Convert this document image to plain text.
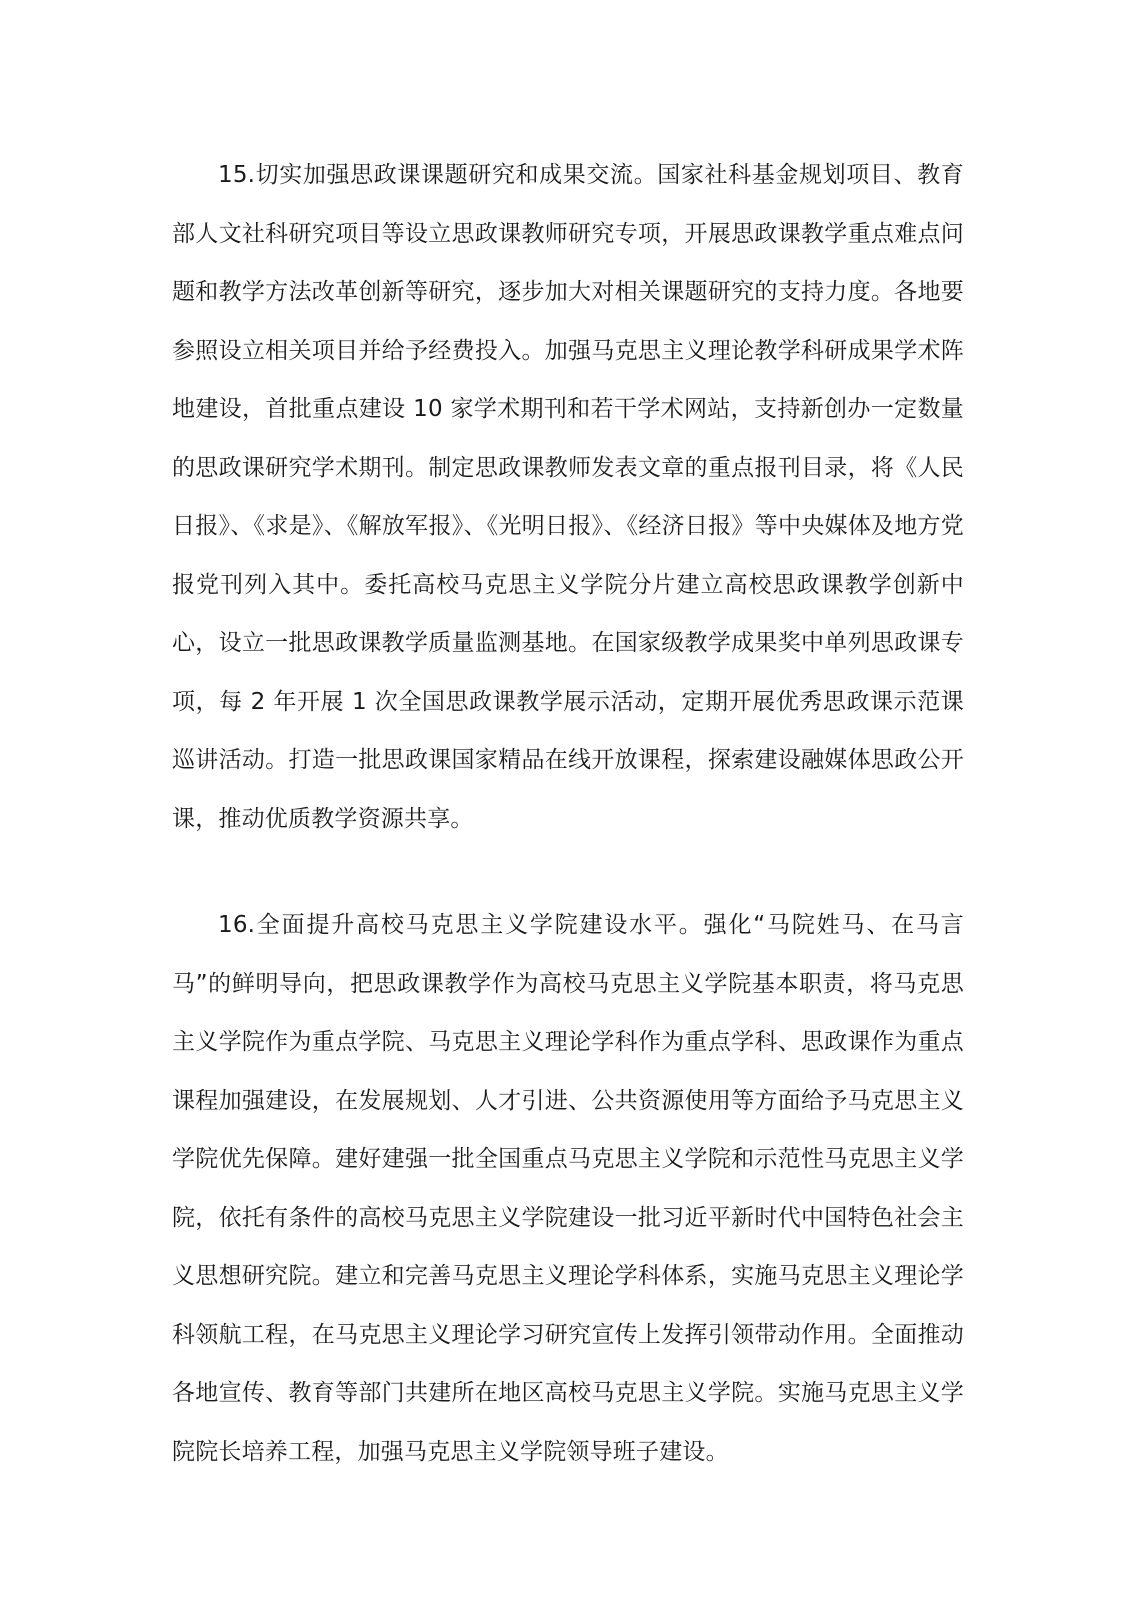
15.切实加强思政课课题研究和成果交流。国家社科基金规划项目、教育部人文社科研究项目等设立思政课教师研究专项，开展思政课教学重点难点问题和教学方法改革创新等研究，逐步加大对相关课题研究的支持力度。各地要参照设立相关项目并给予经费投入。加强马克思主义理论教学科研成果学术阵地建设，首批重点建设 10 家学术期刊和若干学术网站，支持新创办一定数量的思政课研究学术期刊。制定思政课教师发表文章的重点报刊目录，将《人民日报》、《求是》、《解放军报》、《光明日报》、《经济日报》等中央媒体及地方党报党刊列入其中。委托高校马克思主义学院分片建立高校思政课教学创新中心，设立一批思政课教学质量监测基地。在国家级教学成果奖中单列思政课专项，每 2 年开展 1 次全国思政课教学展示活动，定期开展优秀思政课示范课巡讲活动。打造一批思政课国家精品在线开放课程，探索建设融媒体思政公开课，推动优质教学资源共享。

16.全面提升高校马克思主义学院建设水平。强化“马院姓马、在马言马”的鲜明导向，把思政课教学作为高校马克思主义学院基本职责，将马克思主义学院作为重点学院、马克思主义理论学科作为重点学科、思政课作为重点课程加强建设，在发展规划、人才引进、公共资源使用等方面给予马克思主义学院优先保障。建好建强一批全国重点马克思主义学院和示范性马克思主义学院，依托有条件的高校马克思主义学院建设一批习近平新时代中国特色社会主义思想研究院。建立和完善马克思主义理论学科体系，实施马克思主义理论学科领航工程，在马克思主义理论学习研究宣传上发挥引领带动作用。全面推动各地宣传、教育等部门共建所在地区高校马克思主义学院。实施马克思主义学院院长培养工程，加强马克思主义学院领导班子建设。
